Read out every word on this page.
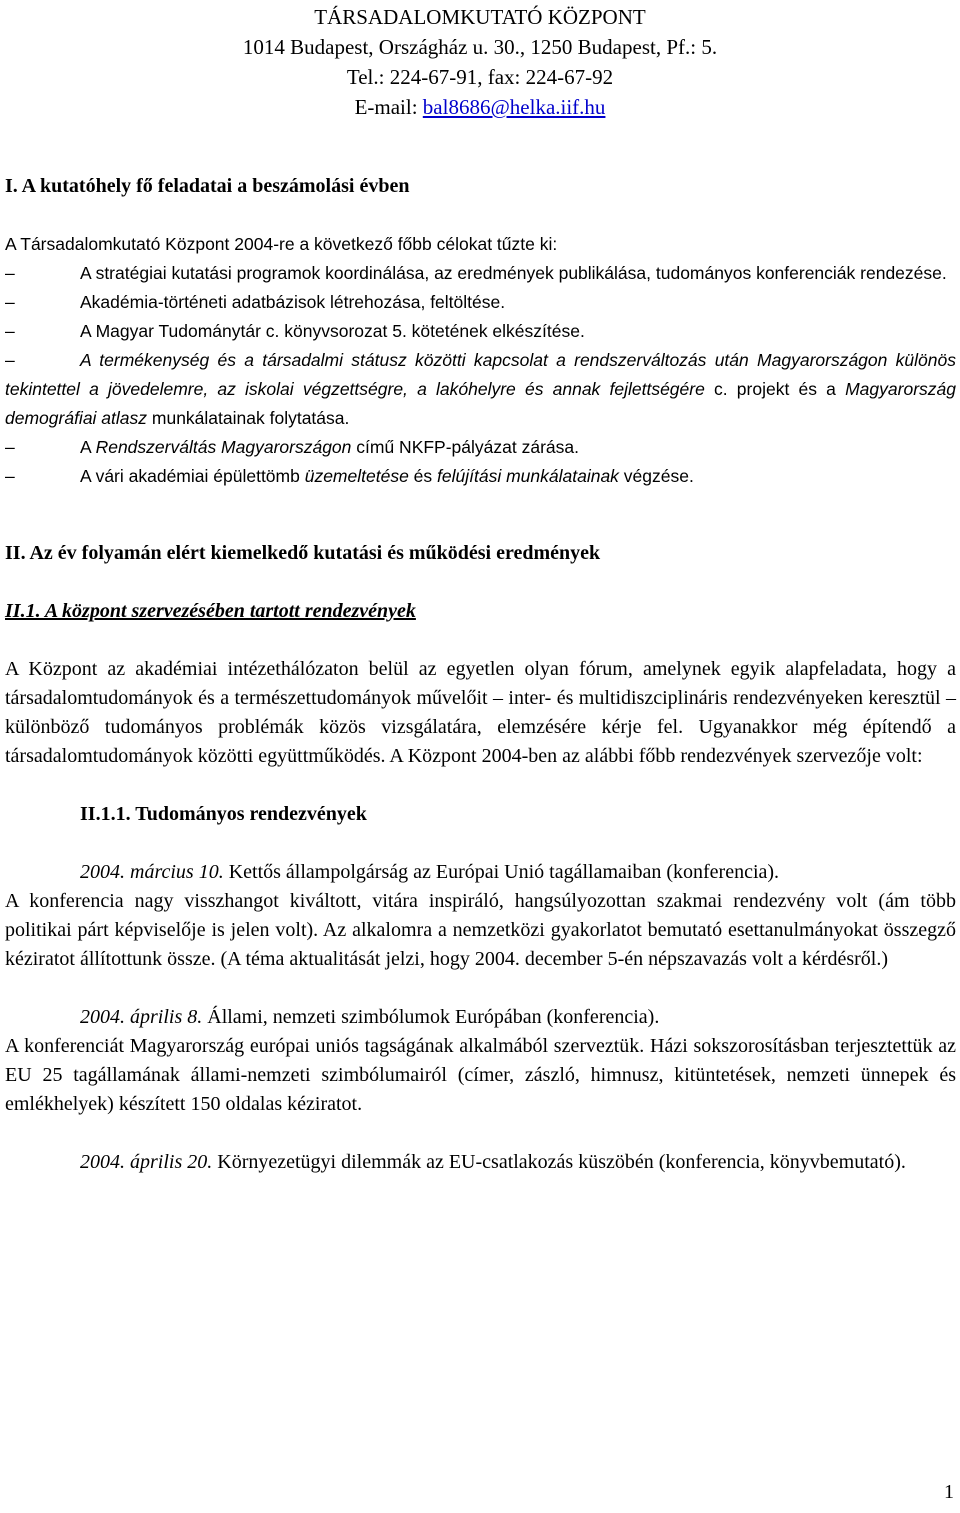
TÁRSADALOMKUTATÓ KÖZPONT
1014 Budapest, Országház u. 30., 1250 Budapest, Pf.: 5.
Tel.: 224-67-91, fax: 224-67-92
E-mail: bal8686@helka.iif.hu

I. A kutatóhely fő feladatai a beszámolási évben

A Társadalomkutató Központ 2004-re a következő főbb célokat tűzte ki:

–	A stratégiai kutatási programok koordinálása, az eredmények publikálása, tudományos konferenciák rendezése.

–	Akadémia-történeti adatbázisok létrehozása, feltöltése.

–	A Magyar Tudománytár c. könyvsorozat 5. kötetének elkészítése.

–	A termékenység és a társadalmi státusz közötti kapcsolat a rendszerváltozás után Magyarországon különös tekintettel a jövedelemre, az iskolai végzettségre, a lakóhelyre és annak fejlettségére c. projekt és a Magyarország demográfiai atlasz munkálatainak folytatása.

–	A Rendszerváltás Magyarországon című NKFP-pályázat zárása.

–	A vári akadémiai épülettömb üzemeltetése és felújítási munkálatainak végzése.

II. Az év folyamán elért kiemelkedő kutatási és működési eredmények

II.1. A központ szervezésében tartott rendezvények

A Központ az akadémiai intézethálózaton belül az egyetlen olyan fórum, amelynek egyik alapfeladata, hogy a társadalomtudományok és a természettudományok művelőit – inter- és multidiszciplináris rendezvényeken keresztül – különböző tudományos problémák közös vizsgálatára, elemzésére kérje fel. Ugyanakkor még építendő a társadalomtudományok közötti együttműködés. A Központ 2004-ben az alábbi főbb rendezvények szervezője volt:

II.1.1. Tudományos rendezvények

2004. március 10. Kettős állampolgárság az Európai Unió tagállamaiban (konferencia).

A konferencia nagy visszhangot kiváltott, vitára inspiráló, hangsúlyozottan szakmai rendezvény volt (ám több politikai párt képviselője is jelen volt). Az alkalomra a nemzetközi gyakorlatot bemutató esettanulmányokat összegző kéziratot állítottunk össze. (A téma aktualitását jelzi, hogy 2004. december 5-én népszavazás volt a kérdésről.)

2004. április 8. Állami, nemzeti szimbólumok Európában (konferencia).

A konferenciát Magyarország európai uniós tagságának alkalmából szerveztük. Házi sokszorosításban terjesztettük az EU 25 tagállamának állami-nemzeti szimbólumairól (címer, zászló, himnusz, kitüntetések, nemzeti ünnepek és emlékhelyek) készített 150 oldalas kéziratot.

2004. április 20. Környezetügyi dilemmák az EU-csatlakozás küszöbén (konferencia, könyvbemutató).

1
